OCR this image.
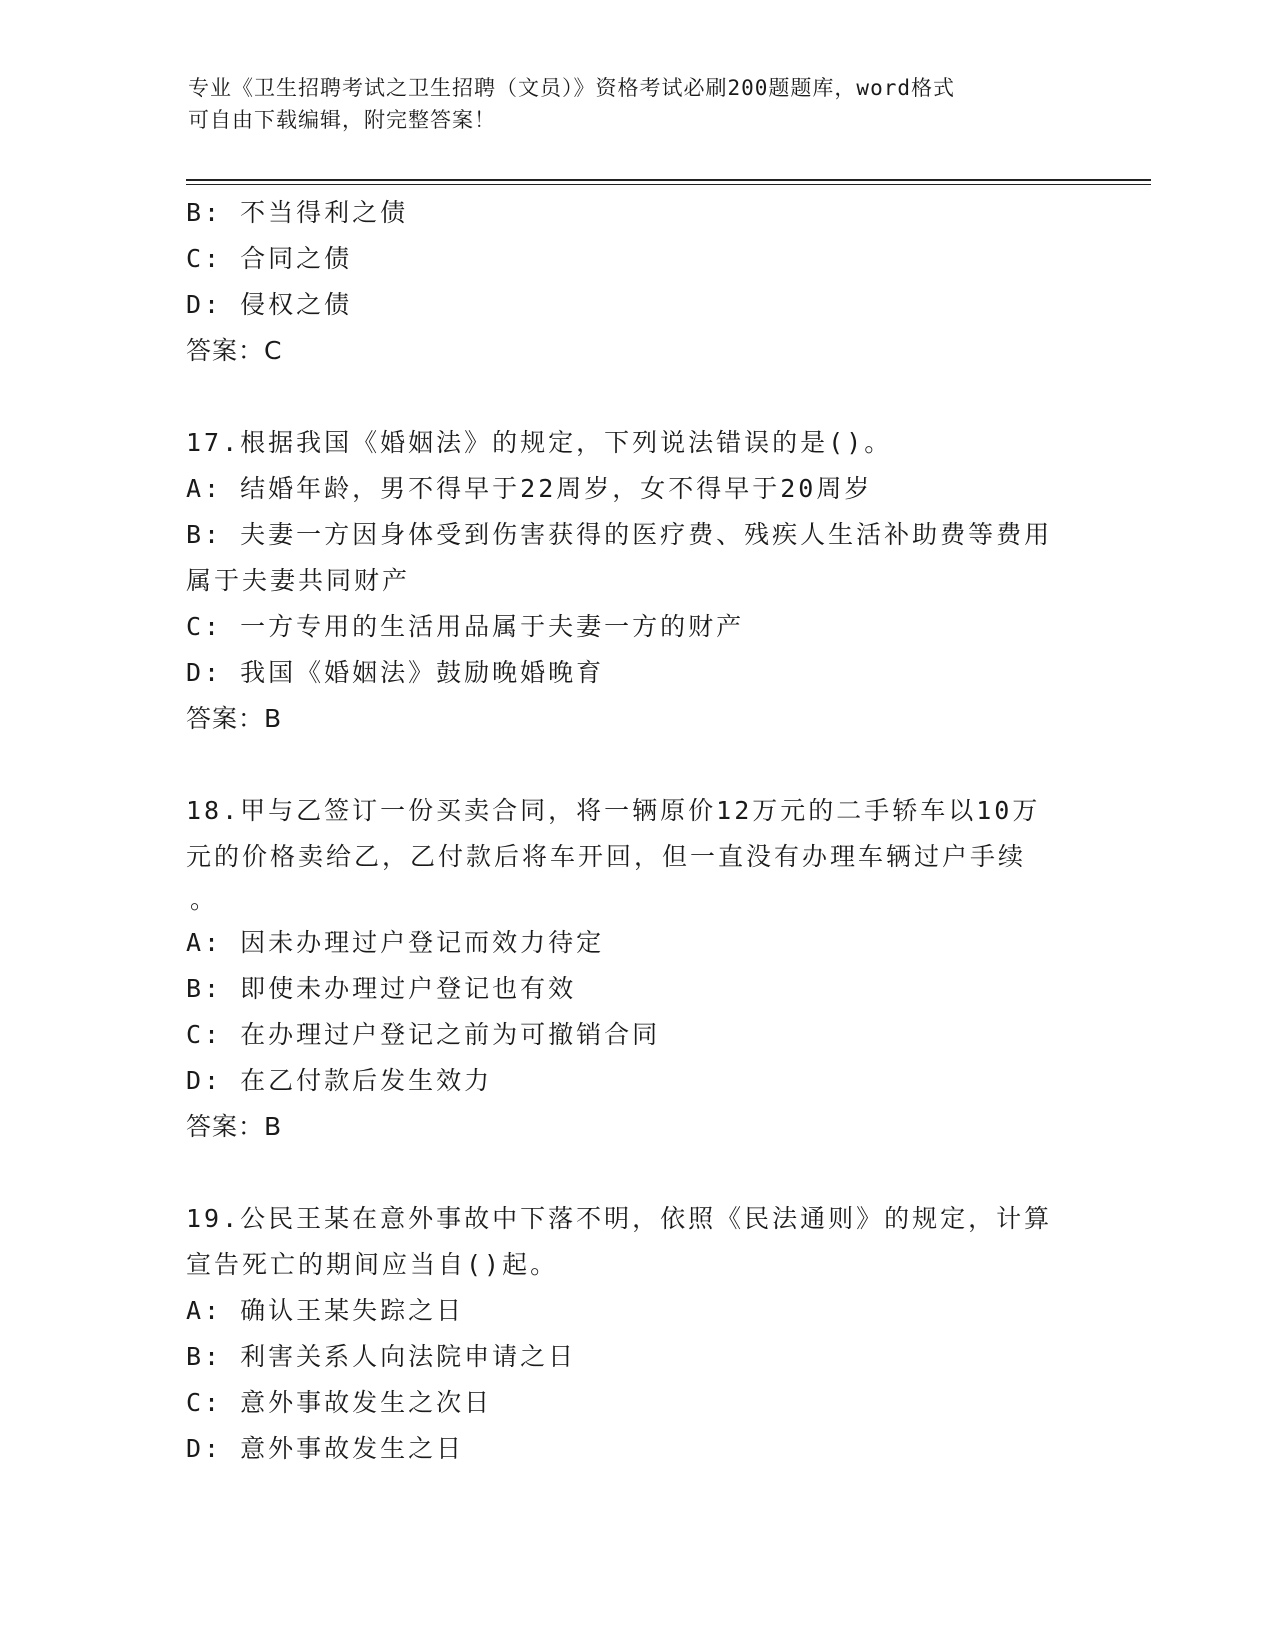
专业《卫生招聘考试之卫生招聘（文员）》资格考试必刷200题题库，word格式
可自由下载编辑，附完整答案！
B: 不当得利之债
C: 合同之债
D: 侵权之债
答案：C
17.根据我国《婚姻法》的规定，下列说法错误的是()。
A: 结婚年龄，男不得早于22周岁，女不得早于20周岁
B: 夫妻一方因身体受到伤害获得的医疗费、残疾人生活补助费等费用
属于夫妻共同财产
C: 一方专用的生活用品属于夫妻一方的财产
D: 我国《婚姻法》鼓励晚婚晚育
答案：B
18.甲与乙签订一份买卖合同，将一辆原价12万元的二手轿车以10万
元的价格卖给乙，乙付款后将车开回，但一直没有办理车辆过户手续
。
A: 因未办理过户登记而效力待定
B: 即使未办理过户登记也有效
C: 在办理过户登记之前为可撤销合同
D: 在乙付款后发生效力
答案：B
19.公民王某在意外事故中下落不明，依照《民法通则》的规定，计算
宣告死亡的期间应当自()起。
A: 确认王某失踪之日
B: 利害关系人向法院申请之日
C: 意外事故发生之次日
D: 意外事故发生之日
